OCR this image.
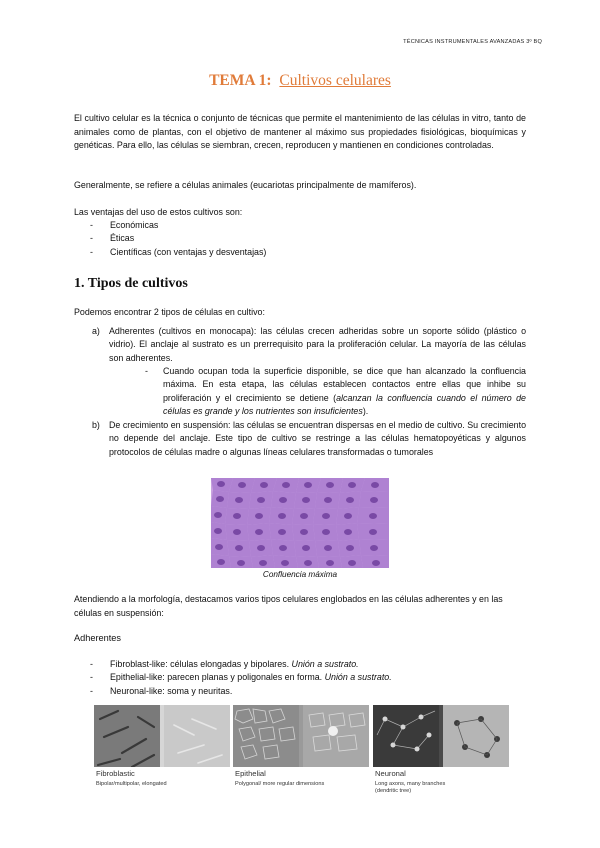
TÉCNICAS INSTRUMENTALES AVANZADAS 3º BQ
TEMA 1: Cultivos celulares
El cultivo celular es la técnica o conjunto de técnicas que permite el mantenimiento de las células in vitro, tanto de animales como de plantas, con el objetivo de mantener al máximo sus propiedades fisiológicas, bioquímicas y genéticas. Para ello, las células se siembran, crecen, reproducen y mantienen en condiciones controladas.
Generalmente, se refiere a células animales (eucariotas principalmente de mamíferos).
Las ventajas del uso de estos cultivos son:
-	Económicas
-	Éticas
-	Científicas (con ventajas y desventajas)
1. Tipos de cultivos
Podemos encontrar 2 tipos de células en cultivo:
a) Adherentes (cultivos en monocapa): las células crecen adheridas sobre un soporte sólido (plástico o vidrio). El anclaje al sustrato es un prerrequisito para la proliferación celular. La mayoría de las células son adherentes.
- Cuando ocupan toda la superficie disponible, se dice que han alcanzado la confluencia máxima. En esta etapa, las células establecen contactos entre ellas que inhibe su proliferación y el crecimiento se detiene (alcanzan la confluencia cuando el número de células es grande y los nutrientes son insuficientes).
b) De crecimiento en suspensión: las células se encuentran dispersas en el medio de cultivo. Su crecimiento no depende del anclaje. Este tipo de cultivo se restringe a las células hematopoyéticas y algunos protocolos de células madre o algunas líneas celulares transformadas o tumorales
Confluencia máxima
Atendiendo a la morfología, destacamos varios tipos celulares englobados en las células adherentes y en las células en suspensión:
Adherentes
-	Fibroblast-like: células elongadas y bipolares. Unión a sustrato.
-	Epithelial-like: parecen planas y poligonales en forma. Unión a sustrato.
-	Neuronal-like: soma y neuritas.
Fibroblastic
Bipolar/multipolar, elongated
Epithelial
Polygonal/ more regular dimensions
Neuronal
Long axons, many branches (dendritic tree)
